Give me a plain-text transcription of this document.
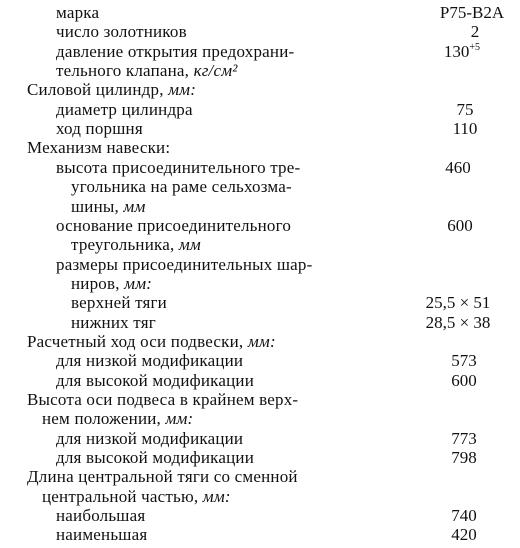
марка	Р75-В2А
число золотников	2
давление открытия предохрани-	$130^{+5}$
тельного клапана, кг/см²
Силовой цилиндр, мм:
диаметр цилиндра	75
ход поршня	110
Механизм навески:
высота присоединительного тре-	460
угольника на раме сельхозма-
шины, мм
основание присоединительного	600
треугольника, мм
размеры присоединительных шар-
ниров, мм:
верхней тяги	25,5 × 51
нижних тяг	28,5 × 38
Расчетный ход оси подвески, мм:
для низкой модификации	573
для высокой модификации	600
Высота оси подвеса в крайнем верх-
нем положении, мм:
для низкой модификации	773
для высокой модификации	798
Длина центральной тяги со сменной
центральной частью, мм:
наибольшая	740
наименьшая	420
